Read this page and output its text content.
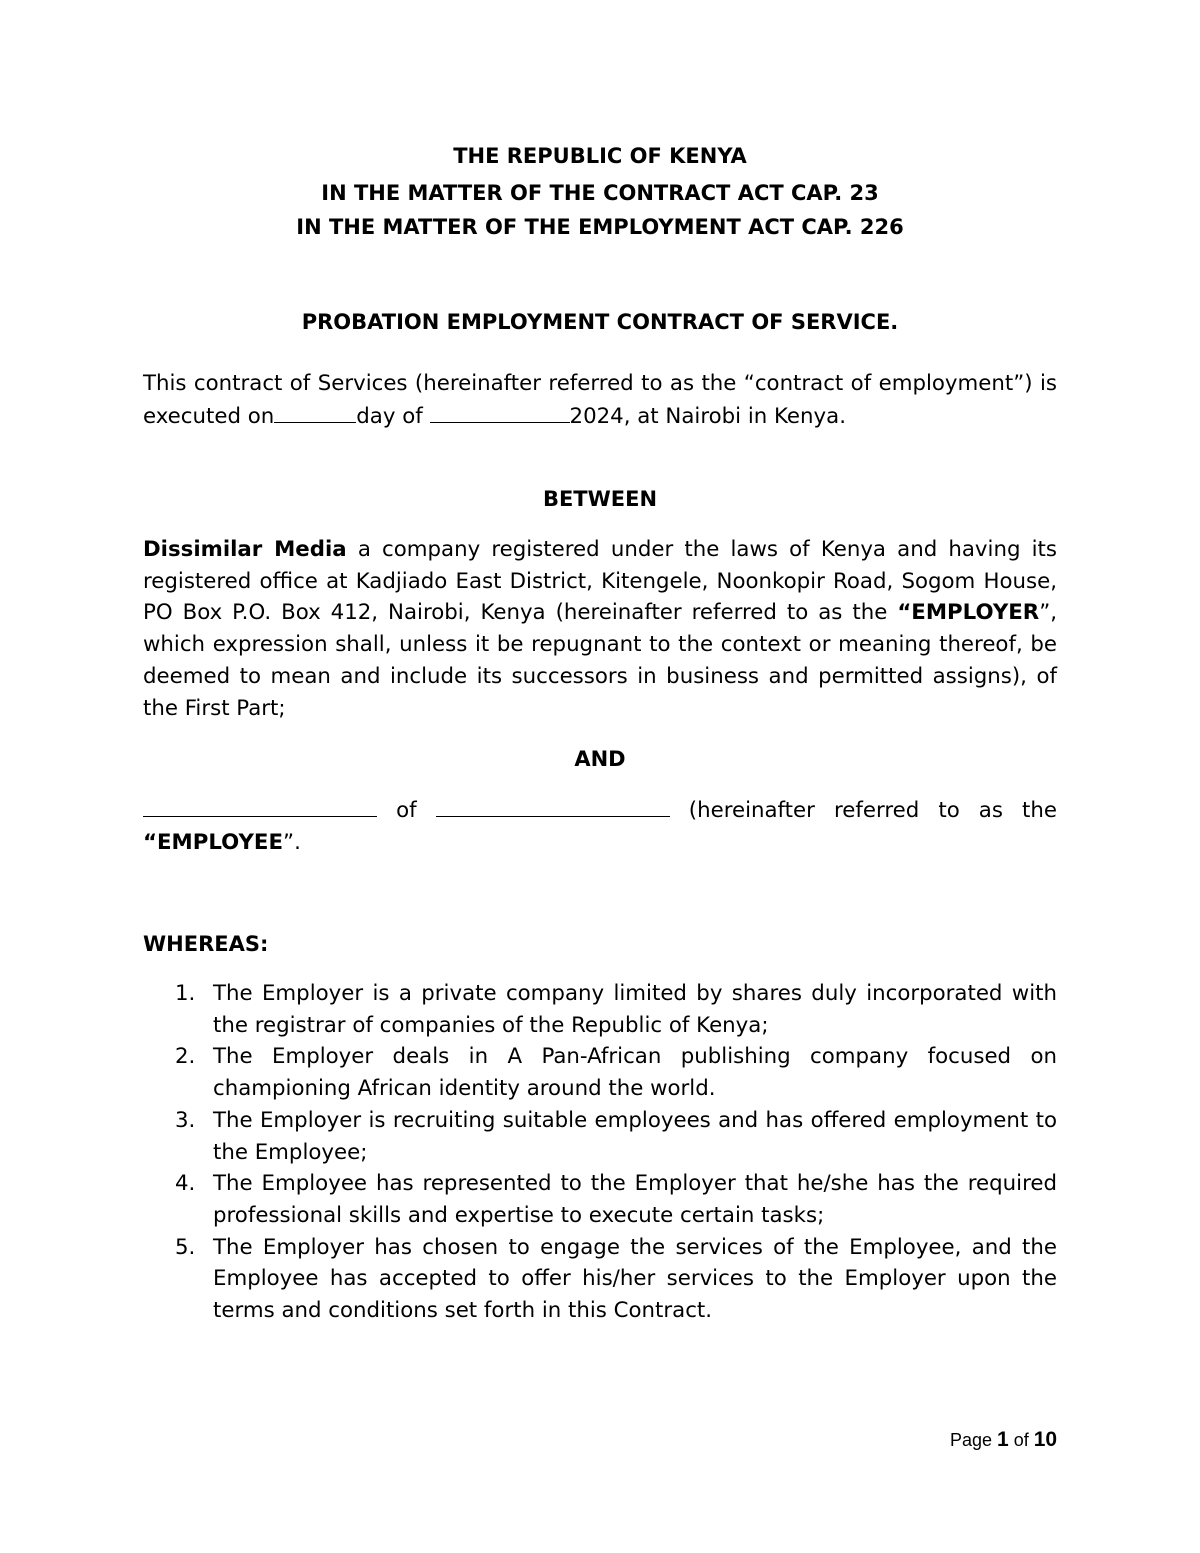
THE REPUBLIC OF KENYA
IN THE MATTER OF THE CONTRACT ACT CAP. 23
IN THE MATTER OF THE EMPLOYMENT ACT CAP. 226
PROBATION EMPLOYMENT CONTRACT OF SERVICE.
This contract of Services (hereinafter referred to as the “contract of employment”) is executed on	day of	2024, at Nairobi in Kenya.
BETWEEN
Dissimilar Media a company registered under the laws of Kenya and having its registered office at Kadjiado East District, Kitengele, Noonkopir Road, Sogom House, PO Box P.O. Box 412, Nairobi, Kenya (hereinafter referred to as the “EMPLOYER”, which expression shall, unless it be repugnant to the context or meaning thereof, be deemed to mean and include its successors in business and permitted assigns), of the First Part;
AND
of	(hereinafter referred to as the “EMPLOYEE”.
WHEREAS:
1. The Employer is a private company limited by shares duly incorporated with the registrar of companies of the Republic of Kenya;
2. The Employer deals in A Pan-African publishing company focused on championing African identity around the world.
3. The Employer is recruiting suitable employees and has offered employment to the Employee;
4. The Employee has represented to the Employer that he/she has the required professional skills and expertise to execute certain tasks;
5. The Employer has chosen to engage the services of the Employee, and the Employee has accepted to offer his/her services to the Employer upon the terms and conditions set forth in this Contract.
Page 1 of 10
